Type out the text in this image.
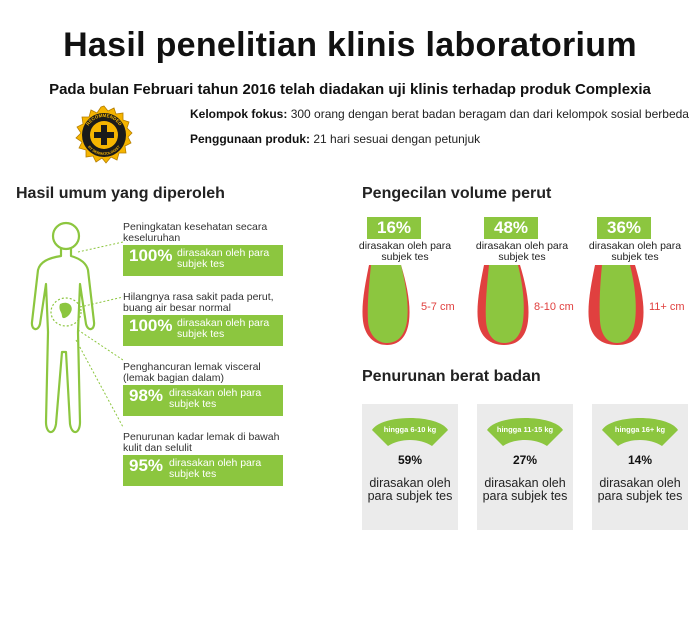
Hasil penelitian klinis laboratorium
Pada bulan Februari tahun 2016 telah diadakan uji klinis terhadap produk Complexia
RECOMMENDED
BY DERMATOLOGIST
Kelompok fokus: 300 orang dengan berat badan beragam dan dari kelompok sosial berbeda
Penggunaan produk: 21 hari sesuai dengan petunjuk
Hasil umum yang diperoleh
Peningkatan kesehatan secara keseluruhan
100% dirasakan oleh para subjek tes
Hilangnya rasa sakit pada perut, buang air besar normal
100% dirasakan oleh para subjek tes
Penghancuran lemak visceral (lemak bagian dalam)
98% dirasakan oleh para subjek tes
Penurunan kadar lemak di bawah kulit dan selulit
95% dirasakan oleh para subjek tes
Pengecilan volume perut
16%
dirasakan oleh para subjek tes
5-7 cm
48%
dirasakan oleh para subjek tes
8-10 cm
36%
dirasakan oleh para subjek tes
11+ cm
Penurunan berat badan
hingga 6-10 kg
59%
dirasakan oleh para subjek tes
hingga 11-15 kg
27%
dirasakan oleh para subjek tes
hingga 16+ kg
14%
dirasakan oleh para subjek tes
